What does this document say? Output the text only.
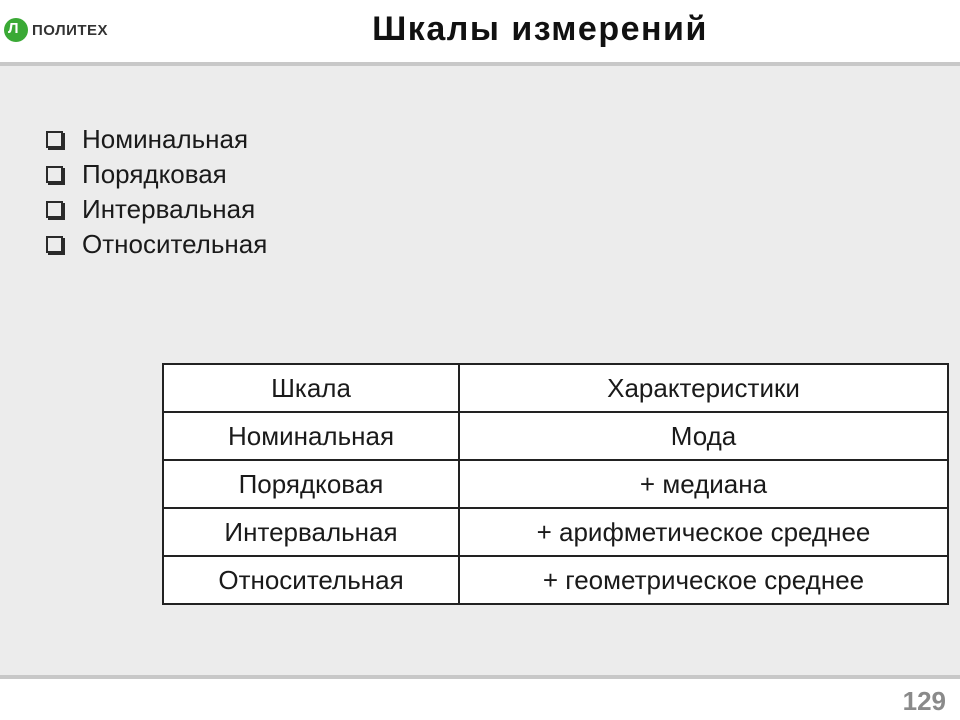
Л ПОЛИТЕХ	Шкалы измерений
Номинальная
Порядковая
Интервальная
Относительная
Шкала	Характеристики
Номинальная	Мода
Порядковая	+ медиана
Интервальная	+ арифметическое среднее
Относительная	+ геометрическое среднее
129
